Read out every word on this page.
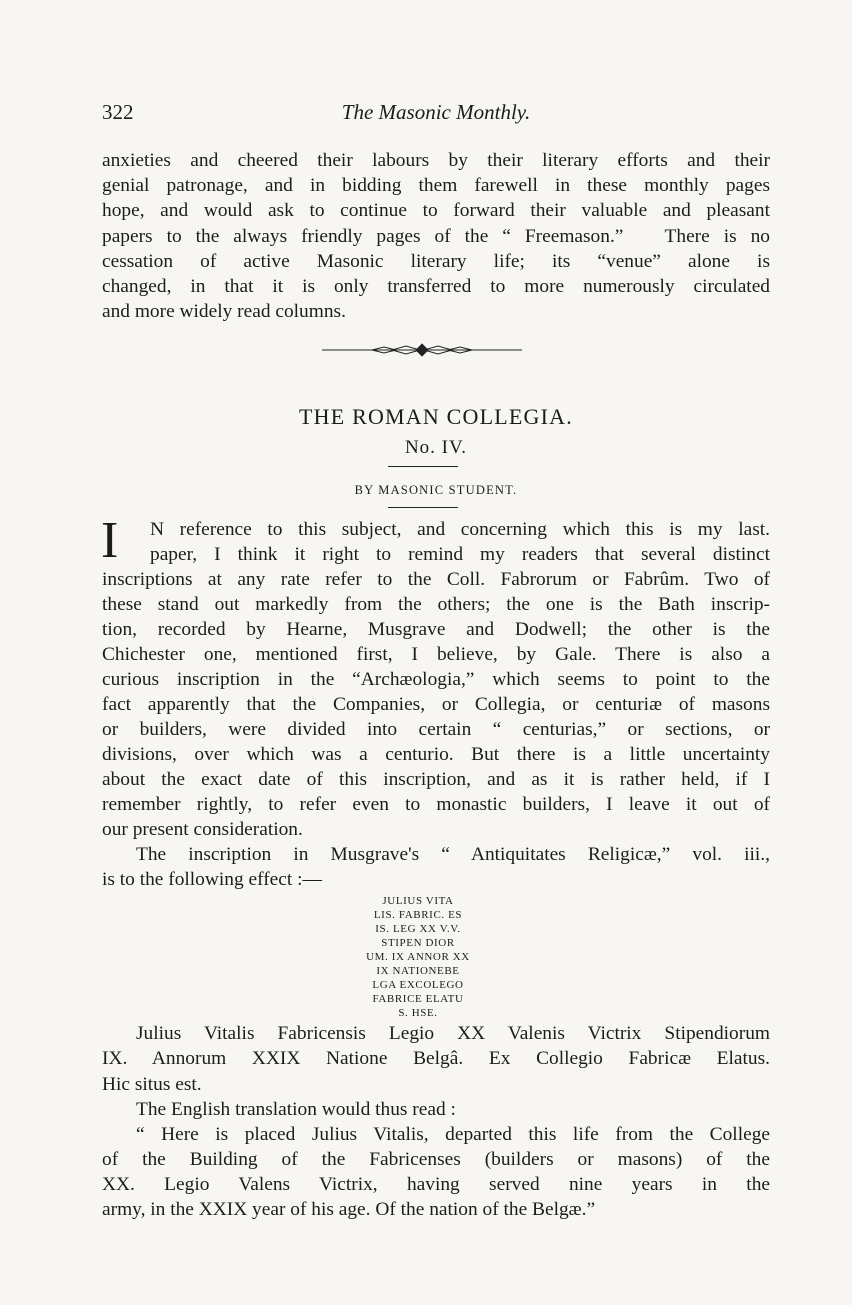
322	The Masonic Monthly.
anxieties and cheered their labours by their literary efforts and their
genial patronage, and in bidding them farewell in these monthly pages
hope, and would ask to continue to forward their valuable and pleasant
papers to the always friendly pages of the “ Freemason.” There is no
cessation of active Masonic literary life; its “venue” alone is
changed, in that it is only transferred to more numerously circulated
and more widely read columns.
THE ROMAN COLLEGIA.
No. IV.
BY MASONIC STUDENT.
I N reference to this subject, and concerning which this is my last.
paper, I think it right to remind my readers that several distinct
inscriptions at any rate refer to the Coll. Fabrorum or Fabrûm. Two of
these stand out markedly from the others; the one is the Bath inscrip-
tion, recorded by Hearne, Musgrave and Dodwell; the other is the
Chichester one, mentioned first, I believe, by Gale. There is also a
curious inscription in the “Archæologia,” which seems to point to the
fact apparently that the Companies, or Collegia, or centuriæ of masons
or builders, were divided into certain “ centurias,” or sections, or
divisions, over which was a centurio. But there is a little uncertainty
about the exact date of this inscription, and as it is rather held, if I
remember rightly, to refer even to monastic builders, I leave it out of
our present consideration.
The inscription in Musgrave's “ Antiquitates Religicæ,” vol. iii.,
is to the following effect :—
JULIUS VITA
LIS. FABRIC. ES
IS. LEG XX V.V.
STIPEN DIOR
UM. IX ANNOR XX
IX NATIONEBE
LGA EXCOLEGO
FABRICE ELATU
S. HSE.
Julius Vitalis Fabricensis Legio XX Valenis Victrix Stipendiorum
IX. Annorum XXIX Natione Belgâ. Ex Collegio Fabricæ Elatus.
Hic situs est.
The English translation would thus read :
“ Here is placed Julius Vitalis, departed this life from the College
of the Building of the Fabricenses (builders or masons) of the
XX. Legio Valens Victrix, having served nine years in the
army, in the XXIX year of his age. Of the nation of the Belgæ.”
